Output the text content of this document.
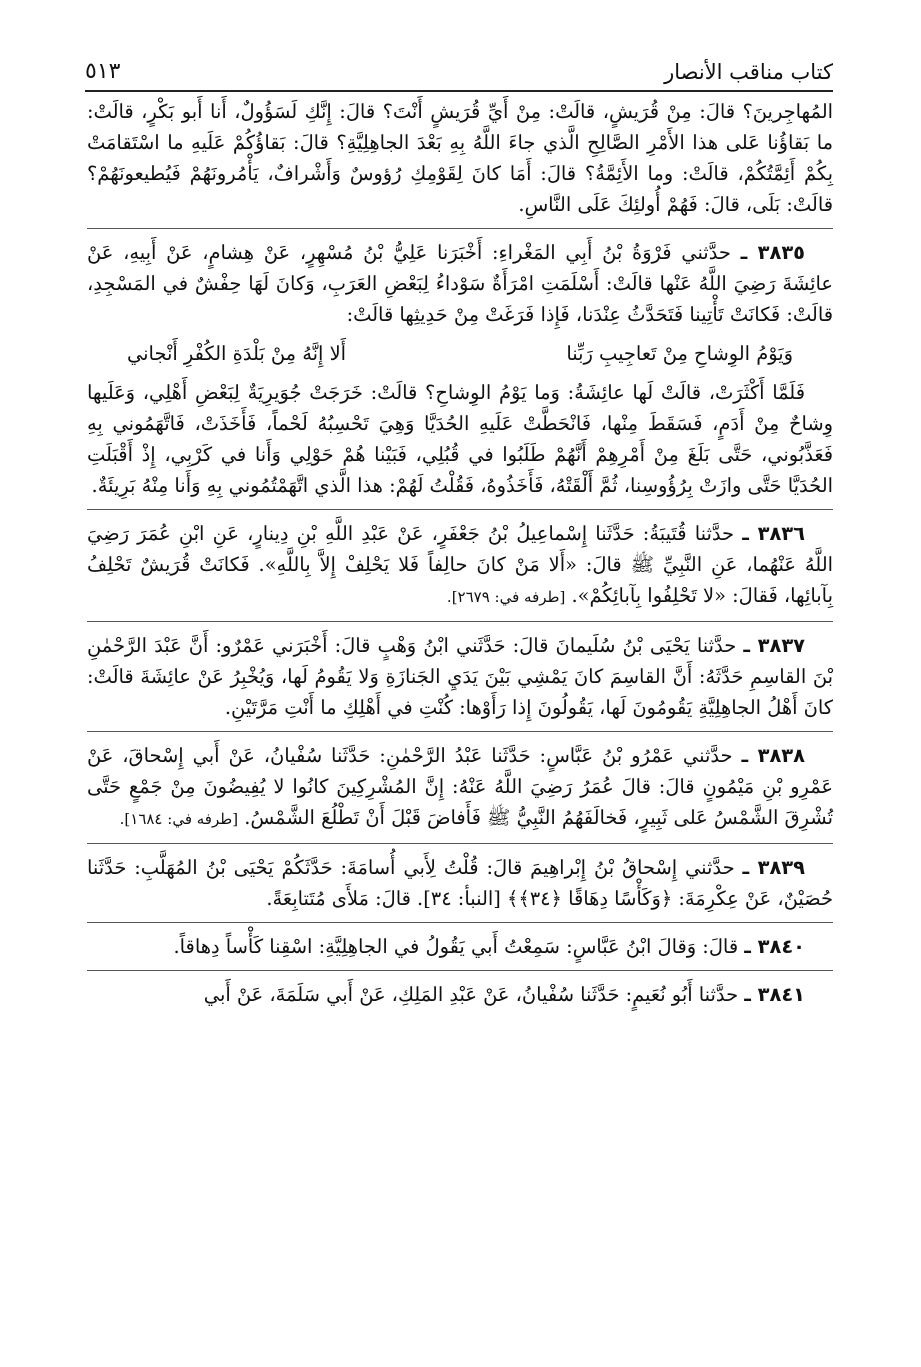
٥١٣	كتاب مناقب الأنصار

المُهاجِرينَ؟ قالَ: مِنْ قُرَيشٍ، قالَتْ: مِنْ أَيِّ قُرَيشٍ أَنْتَ؟ قالَ: إِنَّكِ لَسَؤُولٌ، أَنا أَبو بَكْرٍ، قالَتْ: ما بَقاؤُنا عَلى هذا الأَمْرِ الصَّالِحِ الَّذي جاءَ اللَّهُ بِهِ بَعْدَ الجاهِلِيَّةِ؟ قالَ: بَقاؤُكُمْ عَلَيهِ ما اسْتَقامَتْ بِكُمْ أَئِمَّتُكُمْ، قالَتْ: وما الأَئِمَّةُ؟ قالَ: أَمَا كانَ لِقَوْمِكِ رُؤوسٌ وَأَشْرافٌ، يَأْمُرونَهُمْ فَيُطيعونَهُمْ؟ قالَتْ: بَلَى، قالَ: فَهُمْ أُولئِكَ عَلَى النَّاسِ.

٣٨٣٥ ـ حدَّثني فَرْوَةُ بْنُ أَبِي المَغْراءِ: أَخْبَرَنا عَلِيُّ بْنُ مُسْهِرٍ، عَنْ هِشامٍ، عَنْ أَبِيهِ، عَنْ عائِشَةَ رَضِيَ اللَّهُ عَنْها قالَتْ: أَسْلَمَتِ امْرَأَةٌ سَوْداءُ لِبَعْضِ العَرَبِ، وَكانَ لَهَا حِفْشٌ في المَسْجِدِ، قالَتْ: فَكانَتْ تَأْتِينا فَتَحَدَّثُ عِنْدَنا، فَإِذا فَرَغَتْ مِنْ حَدِيثِها قالَتْ:

وَيَوْمُ الوِشاحِ مِنْ تَعاجِيبِ رَبِّنا
أَلا إِنَّهُ مِنْ بَلْدَةِ الكُفْرِ أَنْجاني

فَلَمَّا أَكْثَرَتْ، قالَتْ لَها عائِشَةُ: وَما يَوْمُ الوِشاحِ؟ قالَتْ: خَرَجَتْ جُوَيرِيَةٌ لِبَعْضِ أَهْلِي، وَعَلَيها وِشاحٌ مِنْ أَدَمٍ، فَسَقَطَ مِنْها، فَانْحَطَّتْ عَلَيهِ الحُدَيَّا وَهِيَ تَحْسِبُهُ لَحْماً، فَأَخَذَتْ، فَاتَّهَمُوني بِهِ فَعَذَّبُوني، حَتَّى بَلَغَ مِنْ أَمْرِهِمْ أَنَّهُمْ طَلَبُوا في قُبُلِي، فَبَيْنا هُمْ حَوْلِي وَأَنا في كَرْبِي، إِذْ أَقْبَلَتِ الحُدَيَّا حَتَّى وازَتْ بِرُؤُوسِنا، ثُمَّ أَلْقَتْهُ، فَأَخَذُوهُ، فَقُلْتُ لَهُمْ: هذا الَّذي اتَّهَمْتُمُوني بِهِ وَأَنا مِنْهُ بَرِيئَةٌ.

٣٨٣٦ ـ حدَّثنا قُتَيبَةُ: حَدَّثَنا إِسْماعِيلُ بْنُ جَعْفَرٍ، عَنْ عَبْدِ اللَّهِ بْنِ دِينارٍ، عَنِ ابْنِ عُمَرَ رَضِيَ اللَّهُ عَنْهُما، عَنِ النَّبِيِّ ﷺ قالَ: «أَلا مَنْ كانَ حالِفاً فَلا يَحْلِفْ إِلاَّ بِاللَّهِ». فَكانَتْ قُرَيشٌ تَحْلِفُ بِآبائِها، فَقالَ: «لا تَحْلِفُوا بِآبائِكُمْ». [طرفه في: ٢٦٧٩].

٣٨٣٧ ـ حدَّثنا يَحْيَى بْنُ سُلَيمانَ قالَ: حَدَّثَني ابْنُ وَهْبٍ قالَ: أَخْبَرَني عَمْرٌو: أَنَّ عَبْدَ الرَّحْمٰنِ بْنَ القاسِمِ حَدَّثَهُ: أَنَّ القاسِمَ كانَ يَمْشِي بَيْنَ يَدَيِ الجَنازَةِ وَلا يَقُومُ لَها، وَيُخْبِرُ عَنْ عائِشَةَ قالَتْ: كانَ أَهْلُ الجاهِلِيَّةِ يَقُومُونَ لَها، يَقُولُونَ إِذا رَأَوْها: كُنْتِ في أَهْلِكِ ما أَنْتِ مَرَّتَيْنِ.

٣٨٣٨ ـ حدَّثني عَمْرُو بْنُ عَبَّاسٍ: حَدَّثَنا عَبْدُ الرَّحْمٰنِ: حَدَّثَنا سُفْيانُ، عَنْ أَبي إِسْحاقَ، عَنْ عَمْرِو بْنِ مَيْمُونٍ قالَ: قالَ عُمَرُ رَضِيَ اللَّهُ عَنْهُ: إِنَّ المُشْرِكِينَ كانُوا لا يُفِيضُونَ مِنْ جَمْعٍ حَتَّى تُشْرِقَ الشَّمْسُ عَلى ثَبِيرٍ، فَخالَفَهُمُ النَّبِيُّ ﷺ فَأَفاضَ قَبْلَ أَنْ تَطْلُعَ الشَّمْسُ. [طرفه في: ١٦٨٤].

٣٨٣٩ ـ حدَّثني إِسْحاقُ بْنُ إِبْراهِيمَ قالَ: قُلْتُ لِأَبي أُسامَةَ: حَدَّثَكُمْ يَحْيَى بْنُ المُهَلَّبِ: حَدَّثَنا حُصَيْنٌ، عَنْ عِكْرِمَةَ: ﴿وَكَأْسًا دِهَاقًا ﴿٣٤﴾﴾ [النبأ: ٣٤]. قالَ: مَلأَى مُتَتابِعَةً.

٣٨٤٠ ـ قالَ: وَقالَ ابْنُ عَبَّاسٍ: سَمِعْتُ أَبي يَقُولُ في الجاهِلِيَّةِ: اسْقِنا كَأْساً دِهاقاً.

٣٨٤١ ـ حدَّثنا أَبُو نُعَيمٍ: حَدَّثَنا سُفْيانُ، عَنْ عَبْدِ المَلِكِ، عَنْ أَبي سَلَمَةَ، عَنْ أَبي
